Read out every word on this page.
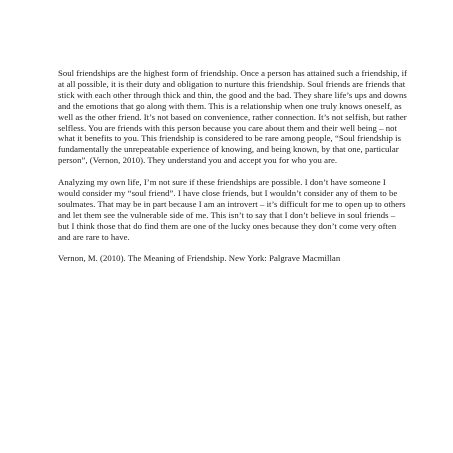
Soul friendships are the highest form of friendship. Once a person has attained such a friendship, if at all possible, it is their duty and obligation to nurture this friendship. Soul friends are friends that stick with each other through thick and thin, the good and the bad. They share life’s ups and downs and the emotions that go along with them. This is a relationship when one truly knows oneself, as well as the other friend. It’s not based on convenience, rather connection. It’s not selfish, but rather selfless. You are friends with this person because you care about them and their well being – not what it benefits to you. This friendship is considered to be rare among people, “Soul friendship is fundamentally the unrepeatable experience of knowing, and being known, by that one, particular person”, (Vernon, 2010). They understand you and accept you for who you are.

Analyzing my own life, I’m not sure if these friendships are possible. I don’t have someone I would consider my “soul friend”. I have close friends, but I wouldn’t consider any of them to be soulmates. That may be in part because I am an introvert – it’s difficult for me to open up to others and let them see the vulnerable side of me. This isn’t to say that I don’t believe in soul friends – but I think those that do find them are one of the lucky ones because they don’t come very often and are rare to have.

Vernon, M. (2010). The Meaning of Friendship. New York: Palgrave Macmillan
